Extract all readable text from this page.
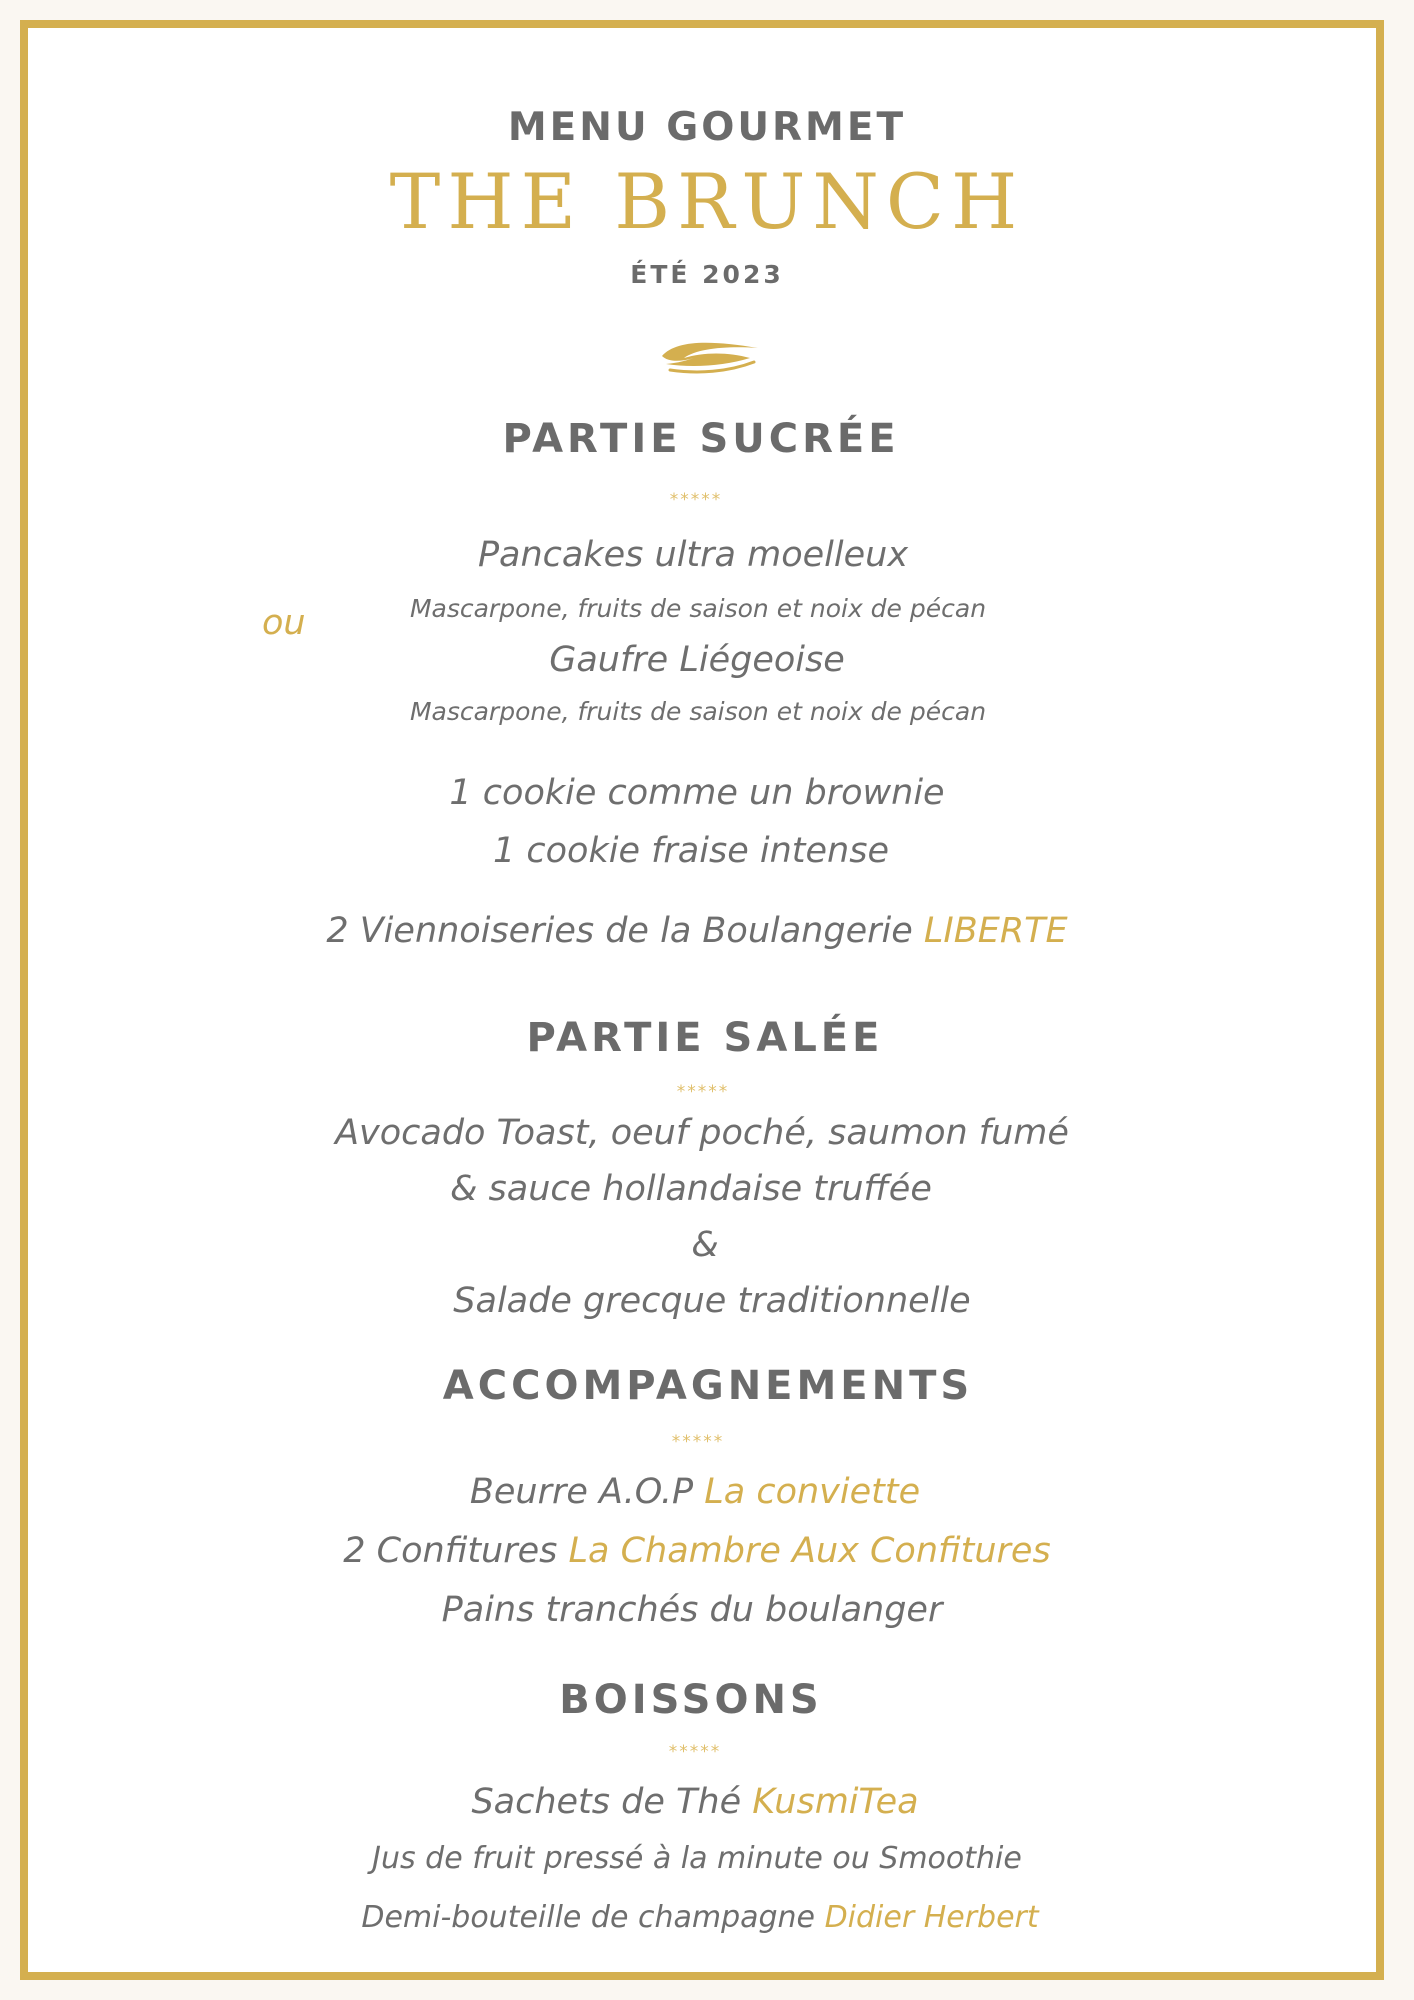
MENU GOURMET
THE BRUNCH
ÉTÉ 2023
PARTIE SUCRÉE
*****
ou
Pancakes ultra moelleux
Mascarpone, fruits de saison et noix de pécan
Gaufre Liégeoise
Mascarpone, fruits de saison et noix de pécan
1 cookie comme un brownie
1 cookie fraise intense
2 Viennoiseries de la Boulangerie LIBERTE
PARTIE SALÉE
*****
Avocado Toast, oeuf poché, saumon fumé
& sauce hollandaise truffée
&
Salade grecque traditionnelle
ACCOMPAGNEMENTS
*****
Beurre A.O.P La conviette
2 Confitures La Chambre Aux Confitures
Pains tranchés du boulanger
BOISSONS
*****
Sachets de Thé KusmiTea
Jus de fruit pressé à la minute ou Smoothie
Demi-bouteille de champagne Didier Herbert
